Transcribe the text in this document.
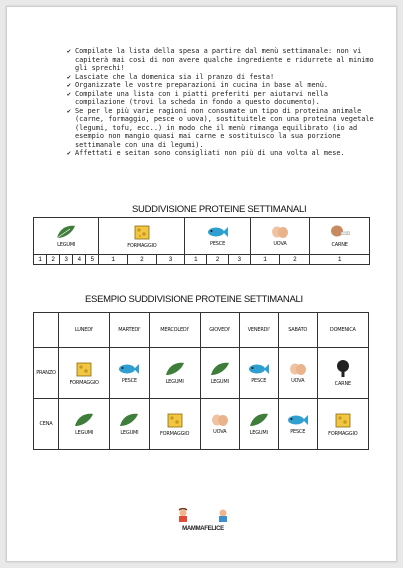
✔ Compilate la lista della spesa a partire dal menù settimanale: non vi capiterà mai così di non avere qualche ingrediente e ridurrete al minimo gli sprechi!
✔ Lasciate che la domenica sia il pranzo di festa!
✔ Organizzate le vostre preparazioni in cucina in base al menù.
✔ Compilate una lista con i piatti preferiti per aiutarvi nella compilazione (trovi la scheda in fondo a questo documento).
✔ Se per le più varie ragioni non consumate un tipo di proteina animale (carne, formaggio, pesce o uova), sostituitele con una proteina vegetale (legumi, tofu, ecc..) in modo che il menù rimanga equilibrato (io ad esempio non mangio quasi mai carne e sostituisco la sua porzione settimanale con una di legumi).
✔ Affettati e seitan sono consigliati non più di una volta al mese.
SUDDIVISIONE PROTEINE SETTIMANALI
LEGUMI					FORMAGGIO			PESCE			UOVA		CARNE

1	2	3	4	5	1	2	3	1	2	3	1	2	1
ESEMPIO SUDDIVISIONE PROTEINE SETTIMANALI
	LUNEDI'	MARTEDI'	MERCOLEDI'	GIOVEDI'	VENERDI'	SABATO	DOMENICA
PRANZO	FORMAGGIO	PESCE	LEGUMI	LEGUMI	PESCE	UOVA	CARNE

CENA	LEGUMI	LEGUMI	FORMAGGIO	UOVA	LEGUMI	PESCE	FORMAGGIO
MAMMAFELICE
